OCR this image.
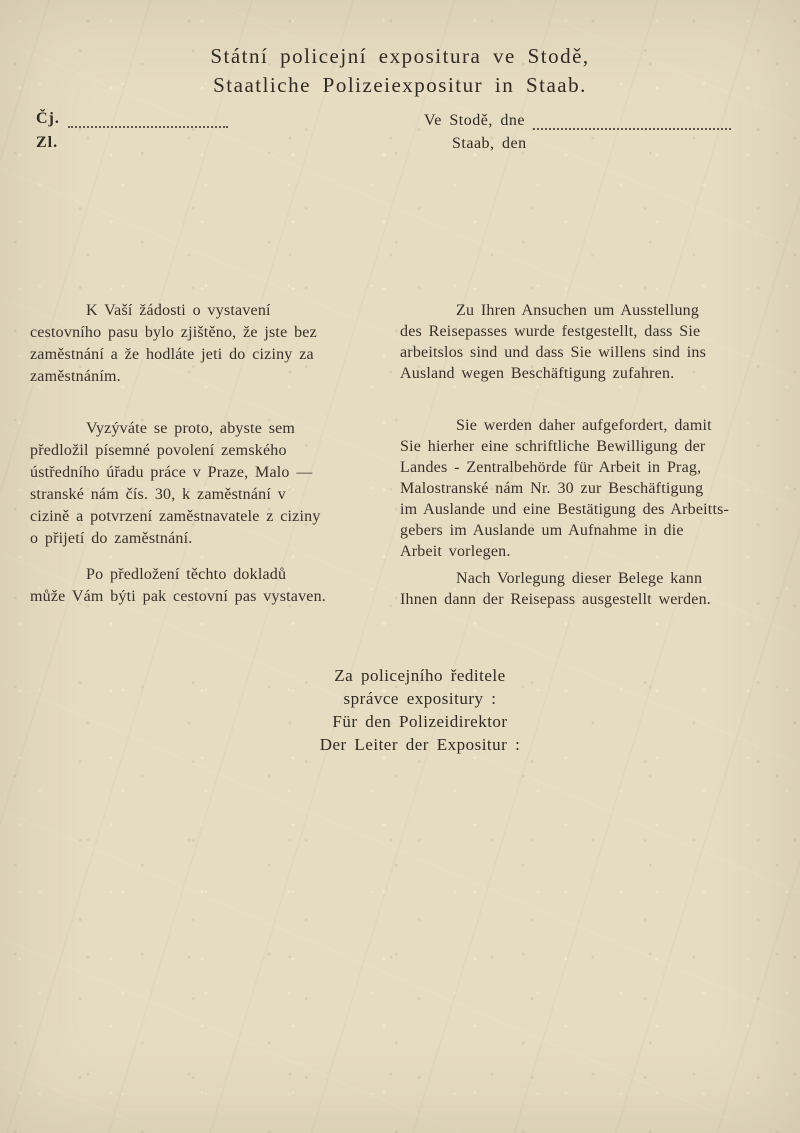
Státní policejní expositura ve Stodě,
Staatliche Polizeiexpositur in Staab.
Čj.
Zl.
Ve Stodě, dne
Staab, den
K Vaší žádosti o vystavení
cestovního pasu bylo zjištěno, že jste bez
zaměstnání a že hodláte jeti do ciziny za
zaměstnáním.
Vyzýváte se proto, abyste sem
předložil písemné povolení zemského
ústředního úřadu práce v Praze, Malo —
stranské nám čís. 30, k zaměstnání v
cizině a potvrzení zaměstnavatele z ciziny
o přijetí do zaměstnání.
Po předložení těchto dokladů
může Vám býti pak cestovní pas vystaven.
Zu Ihren Ansuchen um Ausstellung
des Reisepasses wurde festgestellt, dass Sie
arbeitslos sind und dass Sie willens sind ins
Ausland wegen Beschäftigung zufahren.
Sie werden daher aufgefordert, damit
Sie hierher eine schriftliche Bewilligung der
Landes - Zentralbehörde für Arbeit in Prag,
Malostranské nám Nr. 30 zur Beschäftigung
im Auslande und eine Bestätigung des Arbeitts-
gebers im Auslande um Aufnahme in die
Arbeit vorlegen.
Nach Vorlegung dieser Belege kann
Ihnen dann der Reisepass ausgestellt werden.
Za policejního ředitele
správce expositury :
Für den Polizeidirektor
Der Leiter der Expositur :
